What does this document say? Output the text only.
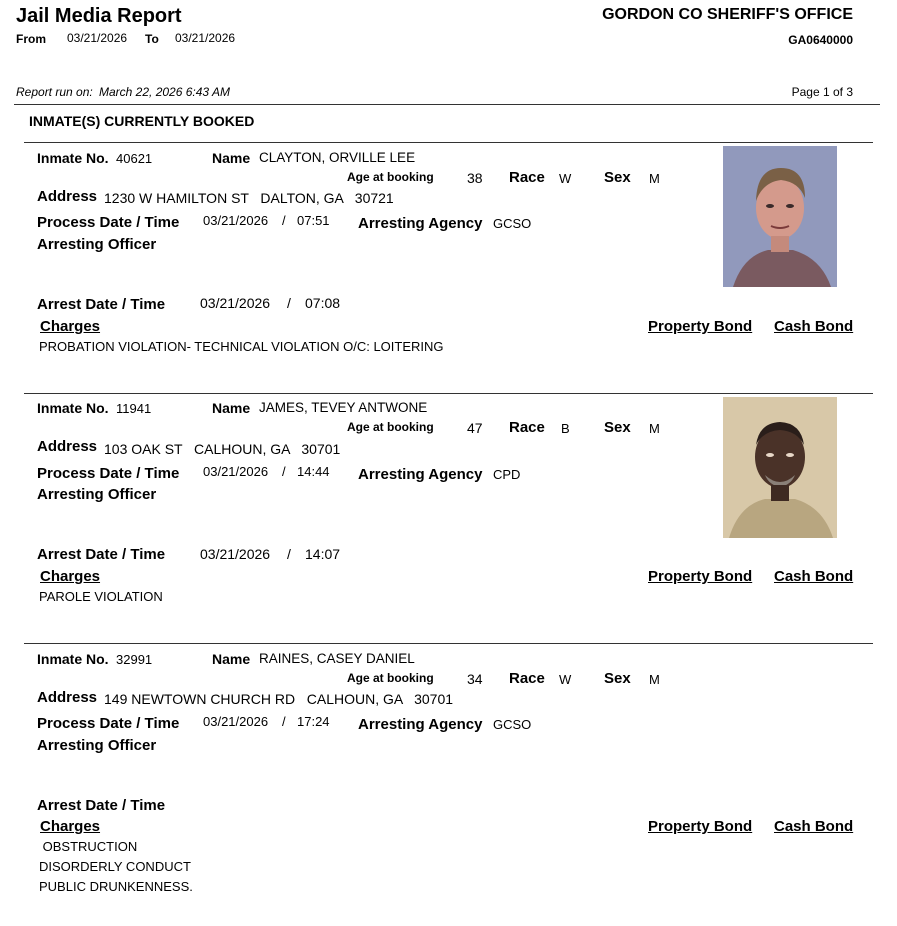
Jail Media Report
From 03/21/2026 To 03/21/2026
GORDON CO SHERIFF'S OFFICE
GA0640000
Report run on: March 22, 2026 6:43 AM	Page 1 of 3
INMATE(S) CURRENTLY BOOKED
Inmate No. 40621	Name CLAYTON, ORVILLE LEE
Age at booking 38 Race W Sex M
Address 1230 W HAMILTON ST   DALTON, GA   30721
Process Date / Time 03/21/2026 / 07:51 Arresting Agency GCSO
Arresting Officer
Arrest Date / Time 03/21/2026 / 07:08
Charges	Property Bond Cash Bond
PROBATION VIOLATION- TECHNICAL VIOLATION O/C: LOITERING
Inmate No. 11941	Name JAMES, TEVEY ANTWONE
Age at booking 47 Race B Sex M
Address 103 OAK ST   CALHOUN, GA   30701
Process Date / Time 03/21/2026 / 14:44 Arresting Agency CPD
Arresting Officer
Arrest Date / Time 03/21/2026 / 14:07
Charges	Property Bond Cash Bond
PAROLE VIOLATION
Inmate No. 32991	Name RAINES, CASEY DANIEL
Age at booking 34 Race W Sex M
Address 149 NEWTOWN CHURCH RD   CALHOUN, GA   30701
Process Date / Time 03/21/2026 / 17:24 Arresting Agency GCSO
Arresting Officer
Arrest Date / Time
Charges	Property Bond Cash Bond
OBSTRUCTION
DISORDERLY CONDUCT
PUBLIC DRUNKENNESS.
